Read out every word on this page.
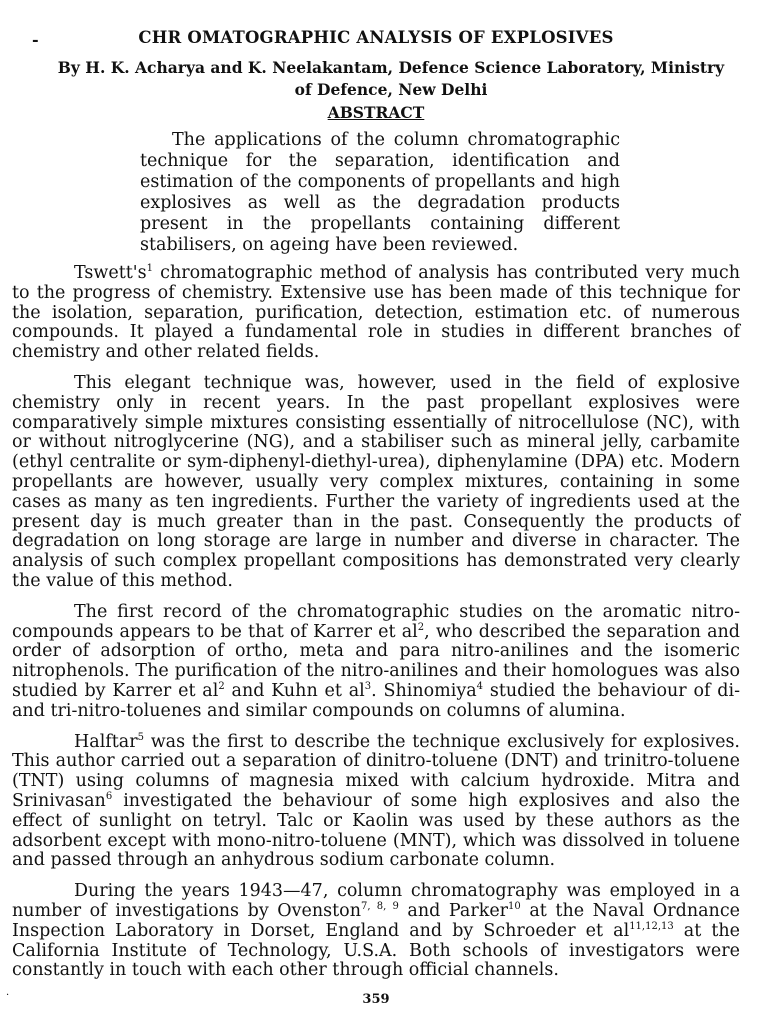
-	CHR OMATOGRAPHIC ANALYSIS OF EXPLOSIVES
By H. K. Acharya and K. Neelakantam, Defence Science Laboratory, Ministry
of Defence, New Delhi
ABSTRACT
The applications of the column chromatographic technique for the separation, identification and estimation of the components of propellants and high explosives as well as the degradation products present in the propellants containing different stabilisers, on ageing have been reviewed.

$Tswett's^1$ chromatographic method of analysis has contributed very much to the progress of chemistry. Extensive use has been made of this technique for the isolation, separation, purification, detection, estimation etc. of numerous compounds. It played a fundamental role in studies in different branches of chemistry and other related fields.

This elegant technique was, however, used in the field of explosive chemistry only in recent years. In the past propellant explosives were comparatively simple mixtures consisting essentially of nitrocellulose (NC), with or without nitroglycerine (NG), and a stabiliser such as mineral jelly, carbamite (ethyl centralite or sym-diphenyl-diethyl-urea), diphenylamine (DPA) etc. Modern propellants are however, usually very complex mixtures, containing in some cases as many as ten ingredients. Further the variety of ingredients used at the present day is much greater than in the past. Consequently the products of degradation on long storage are large in number and diverse in character. The analysis of such complex propellant compositions has demonstrated very clearly the value of this method.

The first record of the chromatographic studies on the aromatic nitro-compounds appears to be that of Karrer et $al^2$, who described the separation and order of adsorption of ortho, meta and para nitro-anilines and the isomeric nitrophenols. The purification of the nitro-anilines and their homologues was also studied by Karrer et $al^2$ and Kuhn et $al^3$. Shinomiya$^4$ studied the behaviour of di-and tri-nitro-toluenes and similar compounds on columns of alumina.

Halftar$^5$ was the first to describe the technique exclusively for explosives. This author carried out a separation of dinitro-toluene (DNT) and trinitro-toluene (TNT) using columns of magnesia mixed with calcium hydroxide. Mitra and Srinivasan$^6$ investigated the behaviour of some high explosives and also the effect of sunlight on tetryl. Talc or Kaolin was used by these authors as the adsorbent except with mono-nitro-toluene (MNT), which was dissolved in toluene and passed through an anhydrous sodium carbonate column.

During the years 1943—47, column chromatography was employed in a number of investigations by Ovenston$^{7, 8, 9}$ and Parker$^{10}$ at the Naval Ordnance Inspection Laboratory in Dorset, England and by Schroeder et al$^{11,12,13}$ at the California Institute of Technology, U.S.A. Both schools of investigators were constantly in touch with each other through official channels.

359
·
